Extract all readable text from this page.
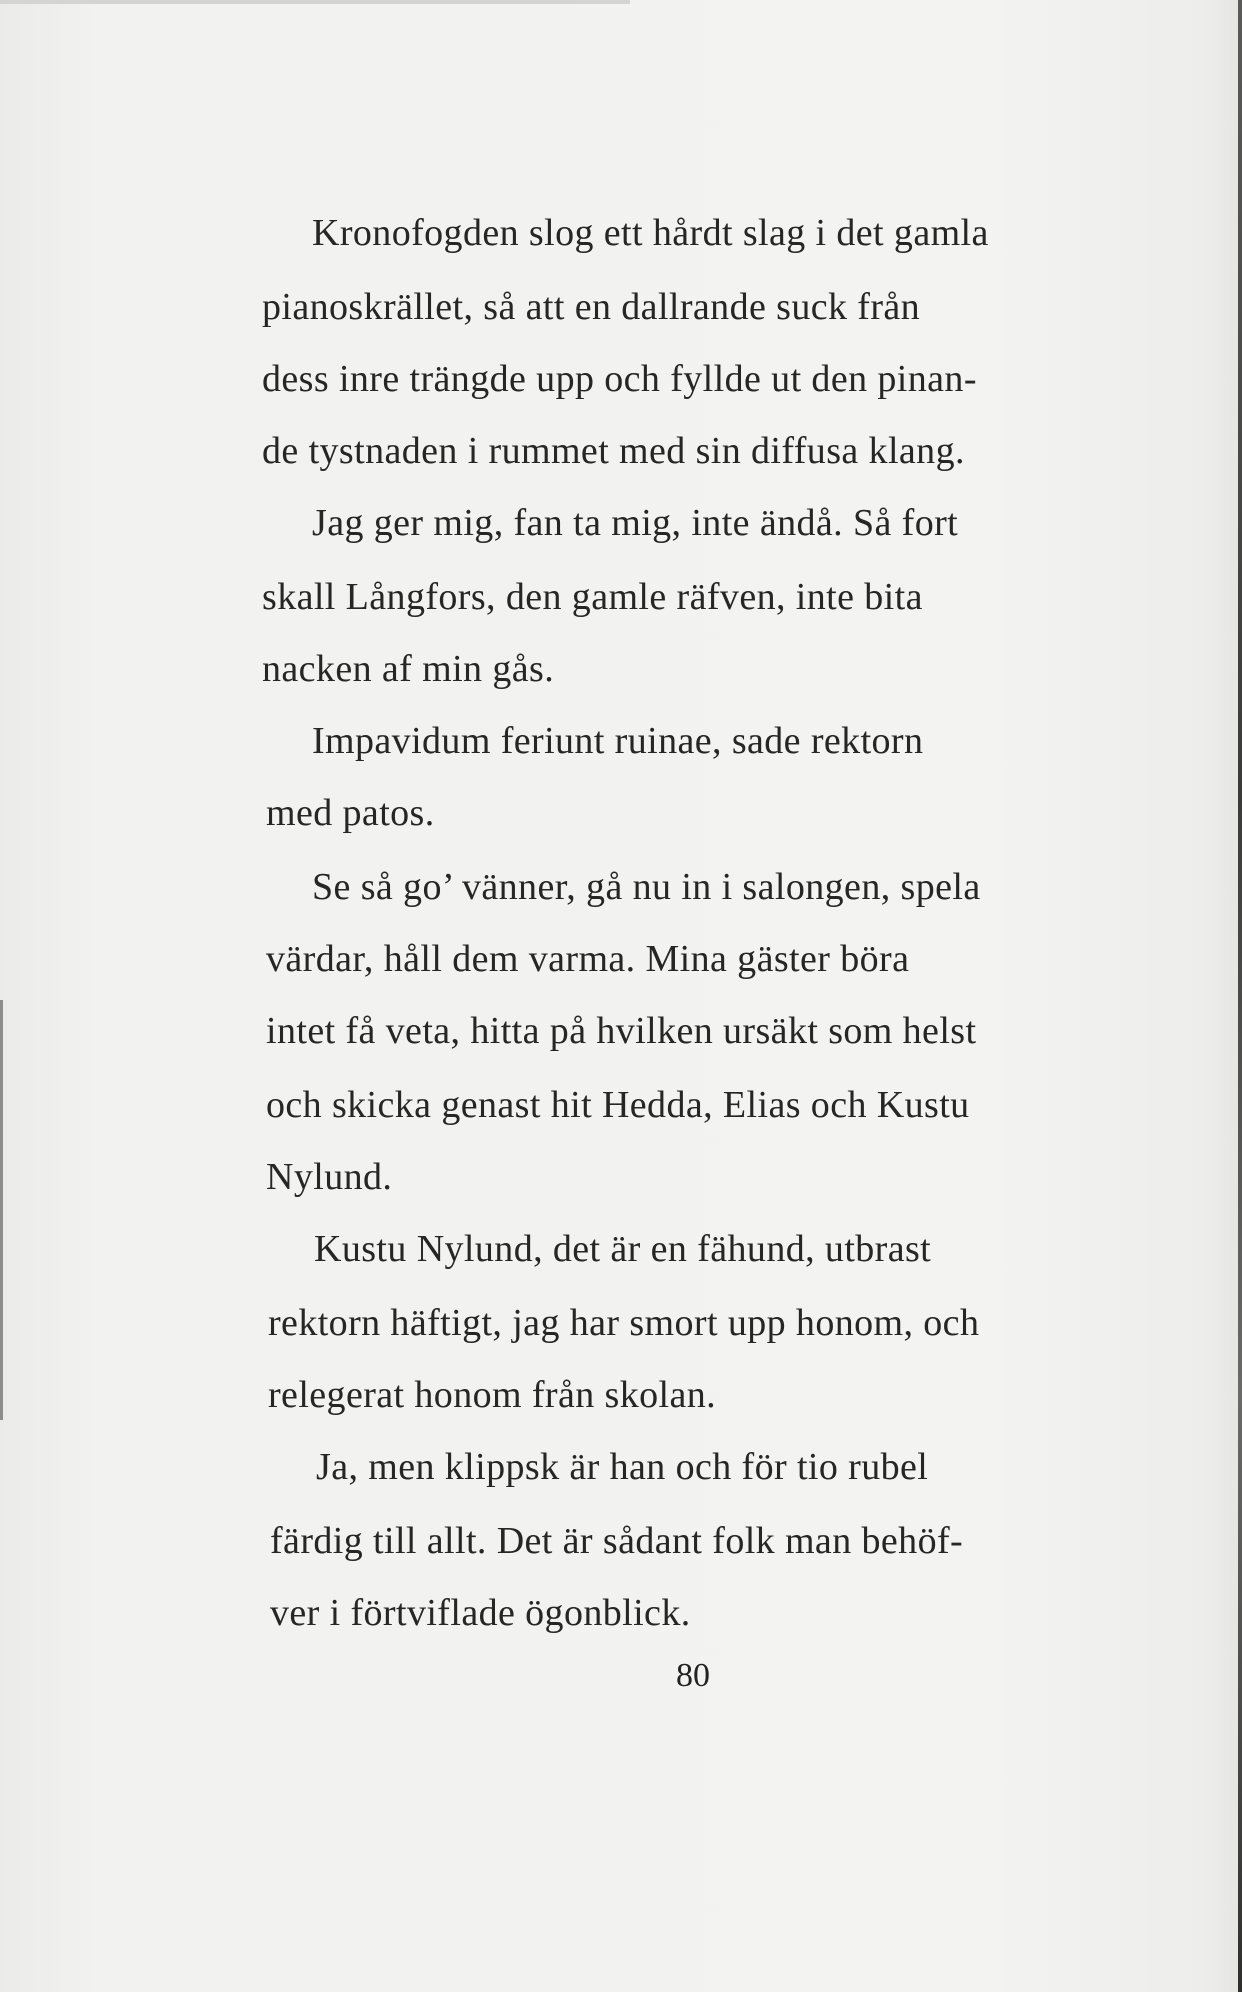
Kronofogden slog ett hårdt slag i det gamla
pianoskrället, så att en dallrande suck från
dess inre trängde upp och fyllde ut den pinan-
de tystnaden i rummet med sin diffusa klang.
Jag ger mig, fan ta mig, inte ändå. Så fort
skall Långfors, den gamle räfven, inte bita
nacken af min gås.
Impavidum feriunt ruinae, sade rektorn
med patos.
Se så go’ vänner, gå nu in i salongen, spela
värdar, håll dem varma. Mina gäster böra
intet få veta, hitta på hvilken ursäkt som helst
och skicka genast hit Hedda, Elias och Kustu
Nylund.
Kustu Nylund, det är en fähund, utbrast
rektorn häftigt, jag har smort upp honom, och
relegerat honom från skolan.
Ja, men klippsk är han och för tio rubel
färdig till allt. Det är sådant folk man behöf-
ver i förtviflade ögonblick.
80
